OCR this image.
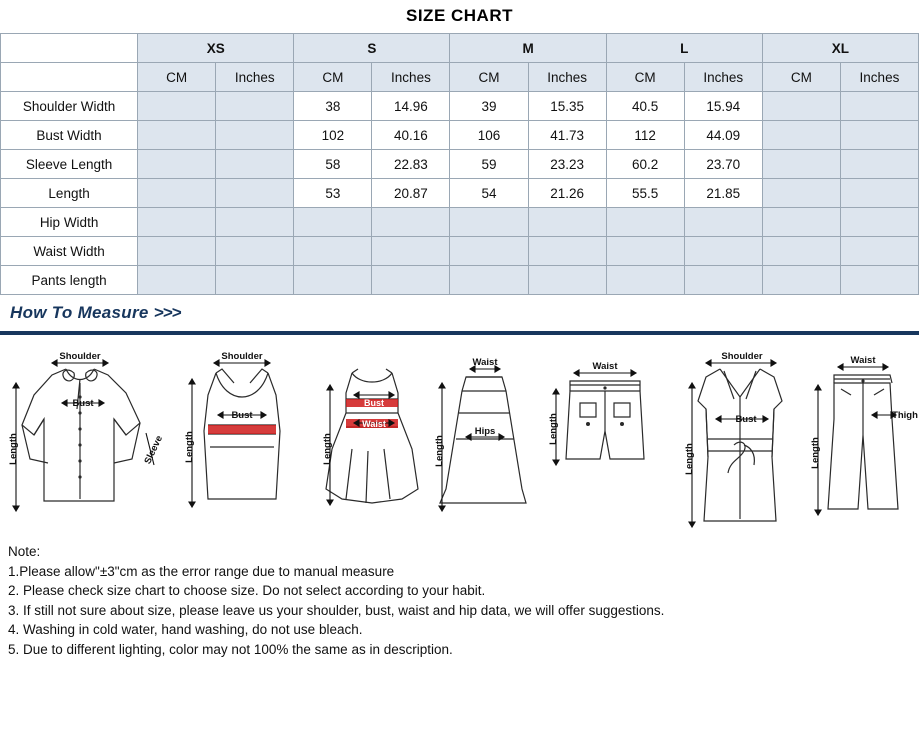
SIZE CHART
	XS		S		M		L		XL	
	CM	Inches	CM	Inches	CM	Inches	CM	Inches	CM	Inches
Shoulder Width			38	14.96	39	15.35	40.5	15.94		
Bust Width			102	40.16	106	41.73	112	44.09		
Sleeve Length			58	22.83	59	23.23	60.2	23.70		
Length			53	20.87	54	21.26	55.5	21.85		
Hip Width										
Waist Width										
Pants length										
How To Measure >>>
Shoulder
Bust
Length	Sleeve
Shoulder
Bust
Length	Length
Bust
Waist
Waist
Hips
Length
Waist
Length
Shoulder
Bust
Length
Waist
Thigh
Length
Note:
1.Please allow"±3"cm as the error range due to manual measure
2. Please check size chart to choose size. Do not select according to your habit.
3. If still not sure about size, please leave us your shoulder, bust, waist and hip data, we will offer suggestions.
4. Washing in cold water, hand washing, do not use bleach.
5. Due to different lighting, color may not 100% the same as in description.
